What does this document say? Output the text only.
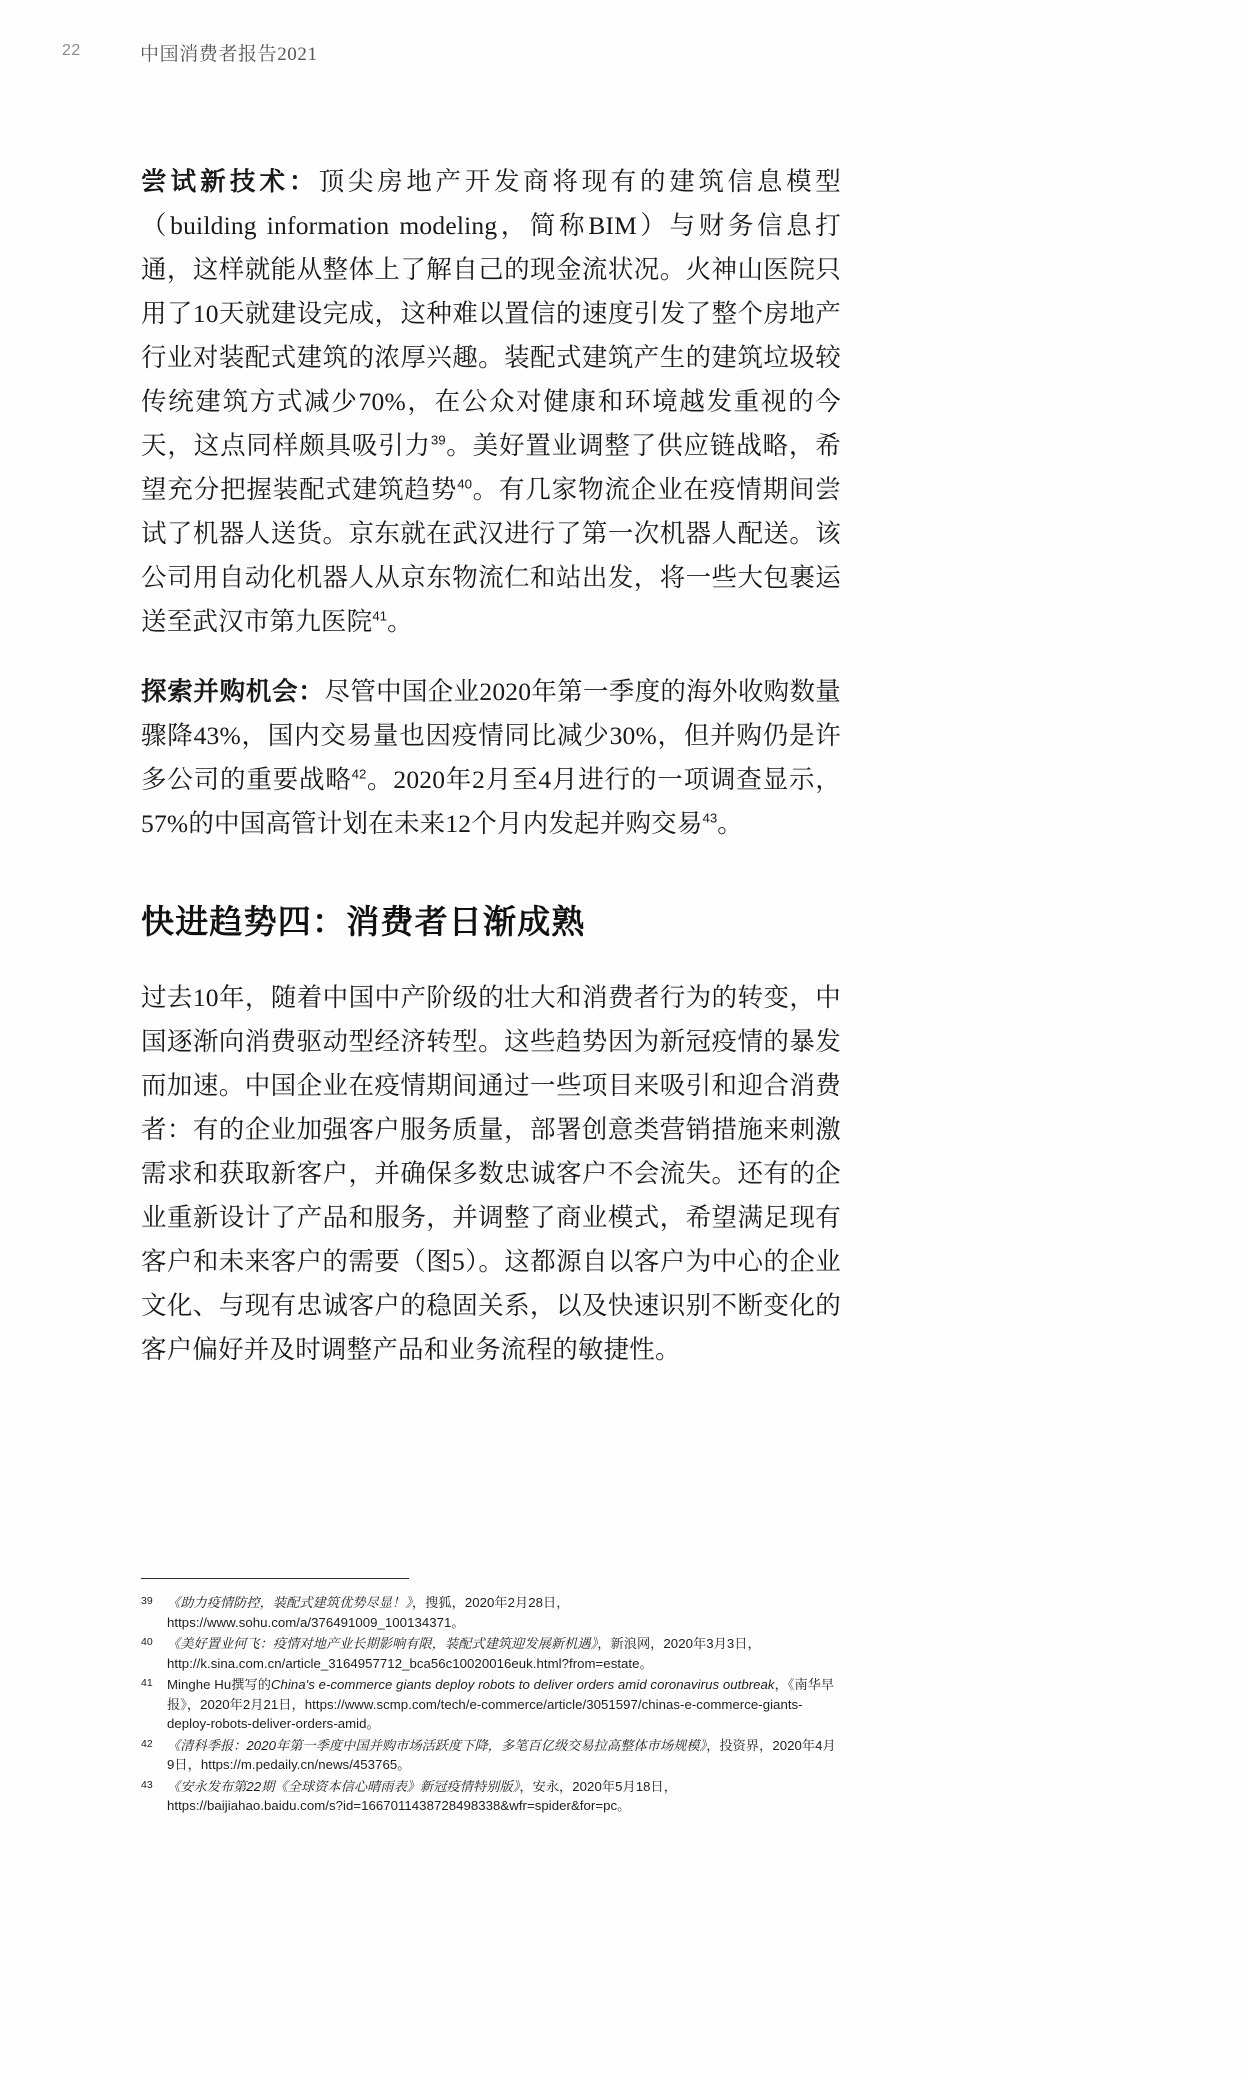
22	中国消费者报告2021

尝试新技术：顶尖房地产开发商将现有的建筑信息模型（building information modeling，简称BIM）与财务信息打通，这样就能从整体上了解自己的现金流状况。火神山医院只用了10天就建设完成，这种难以置信的速度引发了整个房地产行业对装配式建筑的浓厚兴趣。装配式建筑产生的建筑垃圾较传统建筑方式减少70%，在公众对健康和环境越发重视的今天，这点同样颇具吸引力$^{39}$。美好置业调整了供应链战略，希望充分把握装配式建筑趋势$^{40}$。有几家物流企业在疫情期间尝试了机器人送货。京东就在武汉进行了第一次机器人配送。该公司用自动化机器人从京东物流仁和站出发，将一些大包裹运送至武汉市第九医院$^{41}$。

探索并购机会：尽管中国企业2020年第一季度的海外收购数量骤降43%，国内交易量也因疫情同比减少30%，但并购仍是许多公司的重要战略$^{42}$。2020年2月至4月进行的一项调查显示，57%的中国高管计划在未来12个月内发起并购交易$^{43}$。

快进趋势四：消费者日渐成熟

过去10年，随着中国中产阶级的壮大和消费者行为的转变，中国逐渐向消费驱动型经济转型。这些趋势因为新冠疫情的暴发而加速。中国企业在疫情期间通过一些项目来吸引和迎合消费者：有的企业加强客户服务质量，部署创意类营销措施来刺激需求和获取新客户，并确保多数忠诚客户不会流失。还有的企业重新设计了产品和服务，并调整了商业模式，希望满足现有客户和未来客户的需要（图5）。这都源自以客户为中心的企业文化、与现有忠诚客户的稳固关系，以及快速识别不断变化的客户偏好并及时调整产品和业务流程的敏捷性。

39 《助力疫情防控，装配式建筑优势尽显！》，搜狐，2020年2月28日，https://www.sohu.com/a/376491009_100134371。
40 《美好置业何飞：疫情对地产业长期影响有限，装配式建筑迎发展新机遇》，新浪网，2020年3月3日，http://k.sina.com.cn/article_3164957712_bca56c10020016euk.html?from=estate。
41 Minghe Hu撰写的China's e-commerce giants deploy robots to deliver orders amid coronavirus outbreak，《南华早报》，2020年2月21日，https://www.scmp.com/tech/e-commerce/article/3051597/chinas-e-commerce-giants-deploy-robots-deliver-orders-amid。
42 《清科季报：2020年第一季度中国并购市场活跃度下降，多笔百亿级交易拉高整体市场规模》，投资界，2020年4月9日，https://m.pedaily.cn/news/453765。
43 《安永发布第22期《全球资本信心晴雨表》新冠疫情特别版》，安永，2020年5月18日，https://baijiahao.baidu.com/s?id=1667011438728498338&wfr=spider&for=pc。
